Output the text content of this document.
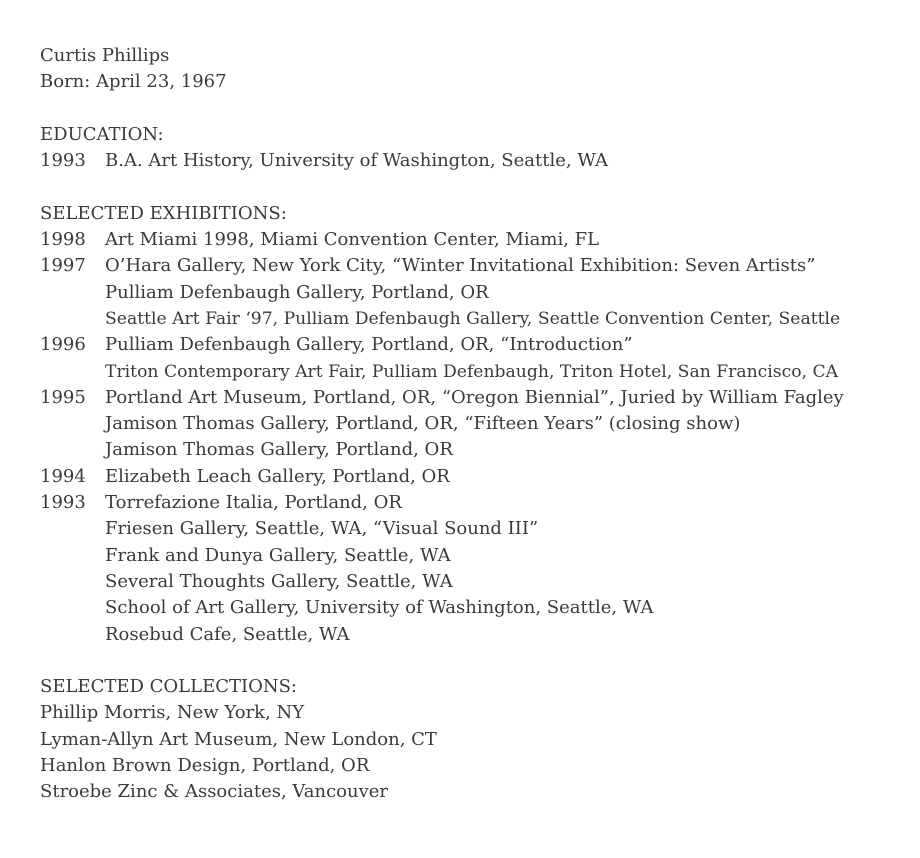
Curtis Phillips
Born: April 23, 1967
EDUCATION:
1993	B.A. Art History, University of Washington, Seattle, WA
SELECTED EXHIBITIONS:
1998	Art Miami 1998, Miami Convention Center, Miami, FL
1997	O’Hara Gallery, New York City, “Winter Invitational Exhibition: Seven Artists”
Pulliam Defenbaugh Gallery, Portland, OR
Seattle Art Fair ‘97, Pulliam Defenbaugh Gallery, Seattle Convention Center, Seattle
1996	Pulliam Defenbaugh Gallery, Portland, OR, “Introduction”
Triton Contemporary Art Fair, Pulliam Defenbaugh, Triton Hotel, San Francisco, CA
1995	Portland Art Museum, Portland, OR, “Oregon Biennial”, Juried by William Fagley
Jamison Thomas Gallery, Portland, OR, “Fifteen Years” (closing show)
Jamison Thomas Gallery, Portland, OR
1994	Elizabeth Leach Gallery, Portland, OR
1993	Torrefazione Italia, Portland, OR
Friesen Gallery, Seattle, WA, “Visual Sound III”
Frank and Dunya Gallery, Seattle, WA
Several Thoughts Gallery, Seattle, WA
School of Art Gallery, University of Washington, Seattle, WA
Rosebud Cafe, Seattle, WA
SELECTED COLLECTIONS:
Phillip Morris, New York, NY
Lyman-Allyn Art Museum, New London, CT
Hanlon Brown Design, Portland, OR
Stroebe Zinc & Associates, Vancouver
